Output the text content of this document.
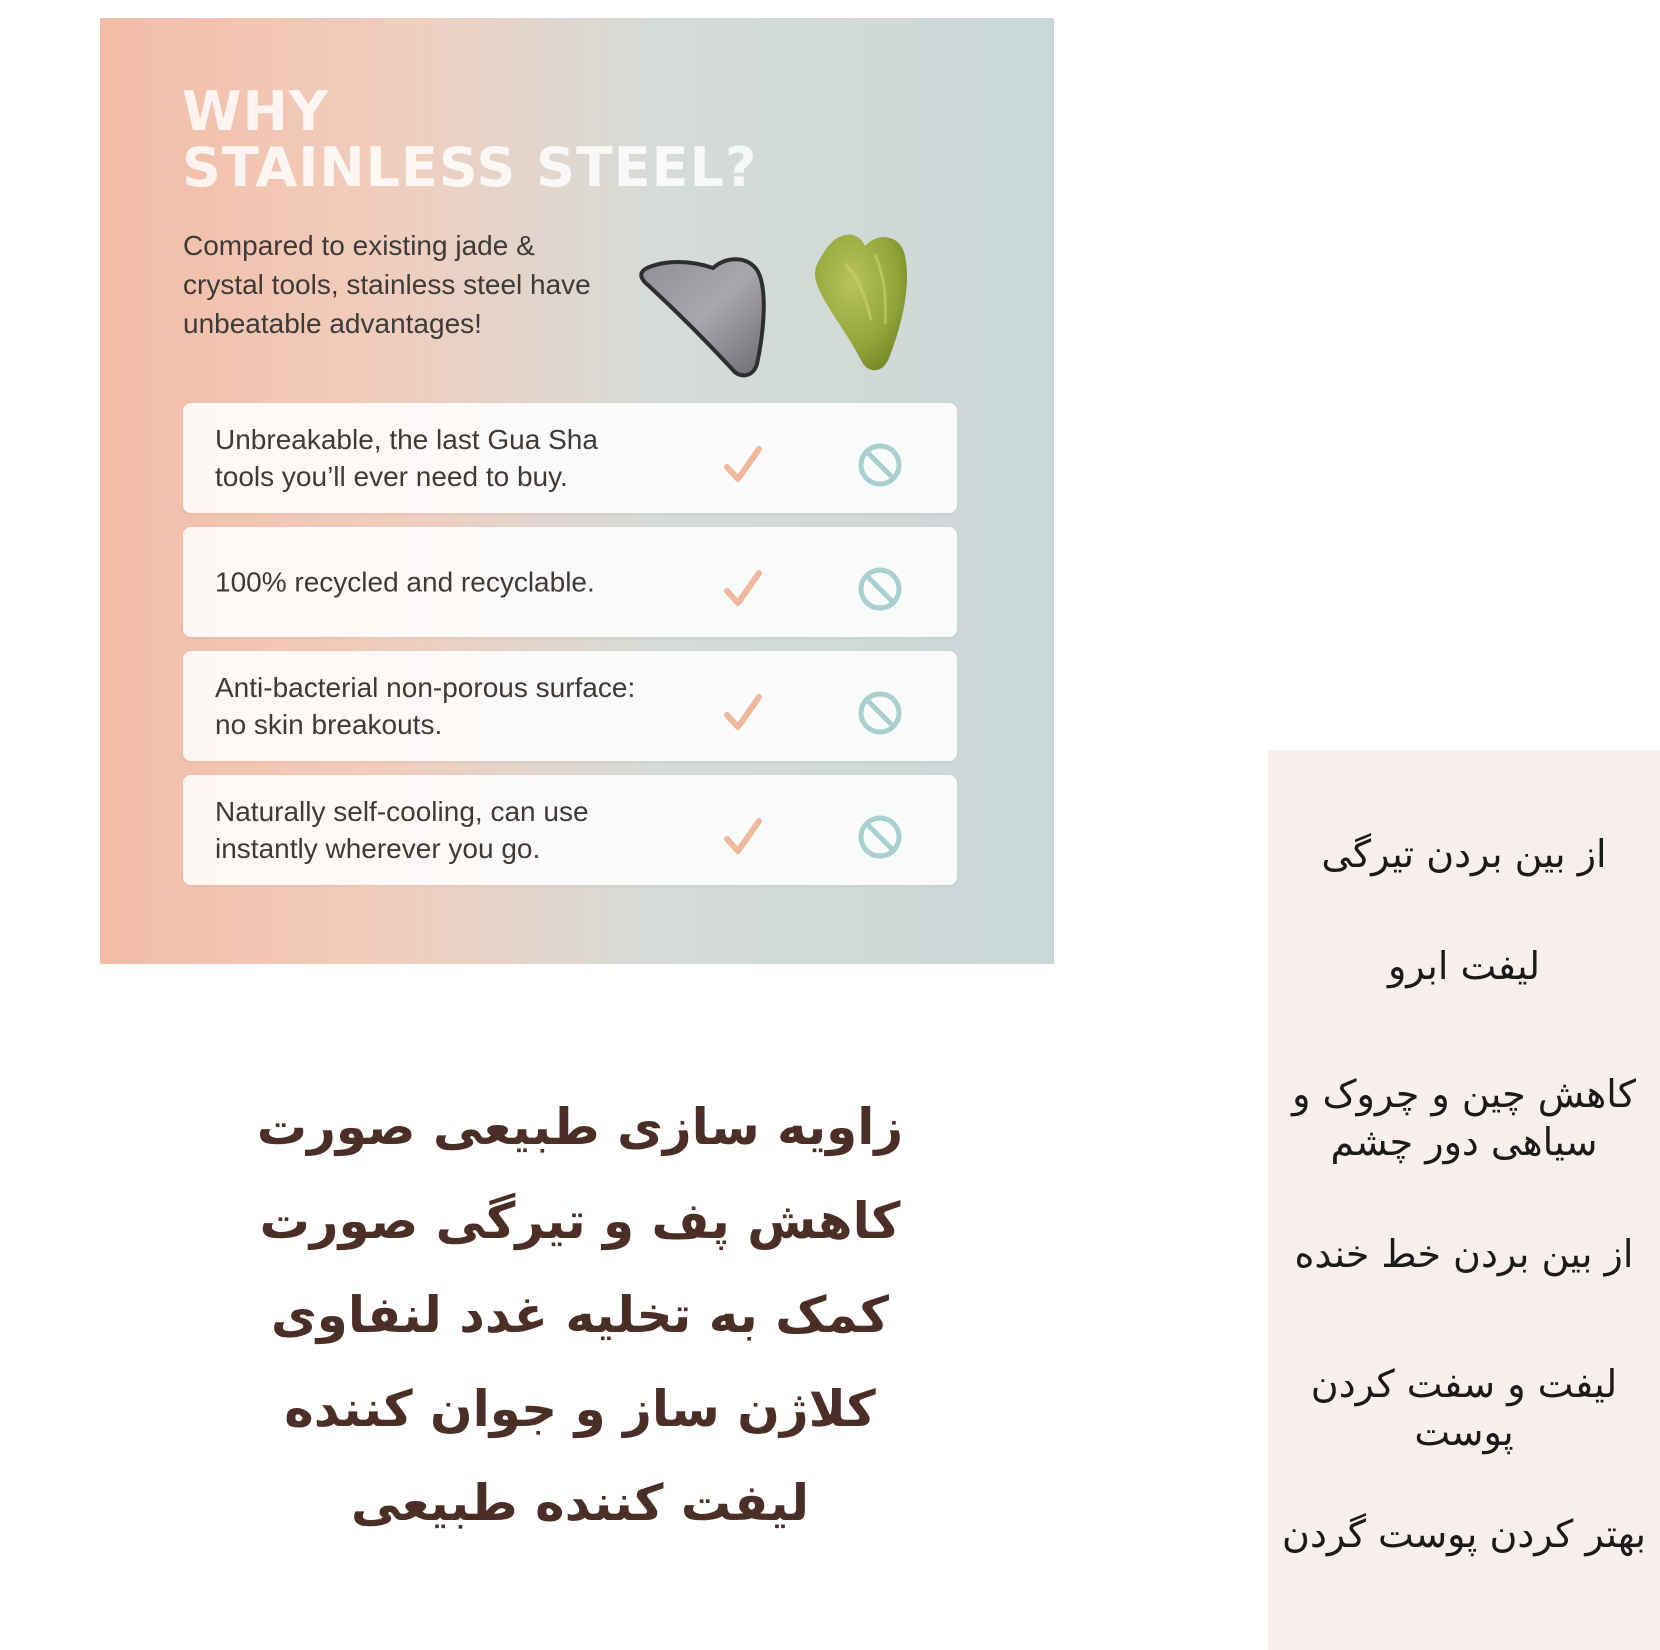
WHY
STAINLESS STEEL?

Compared to existing jade & crystal tools, stainless steel have unbeatable advantages!

Unbreakable, the last Gua Sha tools you’ll ever need to buy.

100% recycled and recyclable.

Anti-bacterial non-porous surface: no skin breakouts.

Naturally self-cooling, can use instantly wherever you go.

زاویه سازی طبیعی صورت
کاهش پف و تیرگی صورت
کمک به تخلیه غدد لنفاوی
کلاژن ساز و جوان کننده
لیفت کننده طبیعی
از بین بردن تیرگی
لیفت ابرو
کاهش چین و چروک و سیاهی دور چشم
از بین بردن خط خنده
لیفت و سفت کردن پوست
بهتر کردن پوست گردن
